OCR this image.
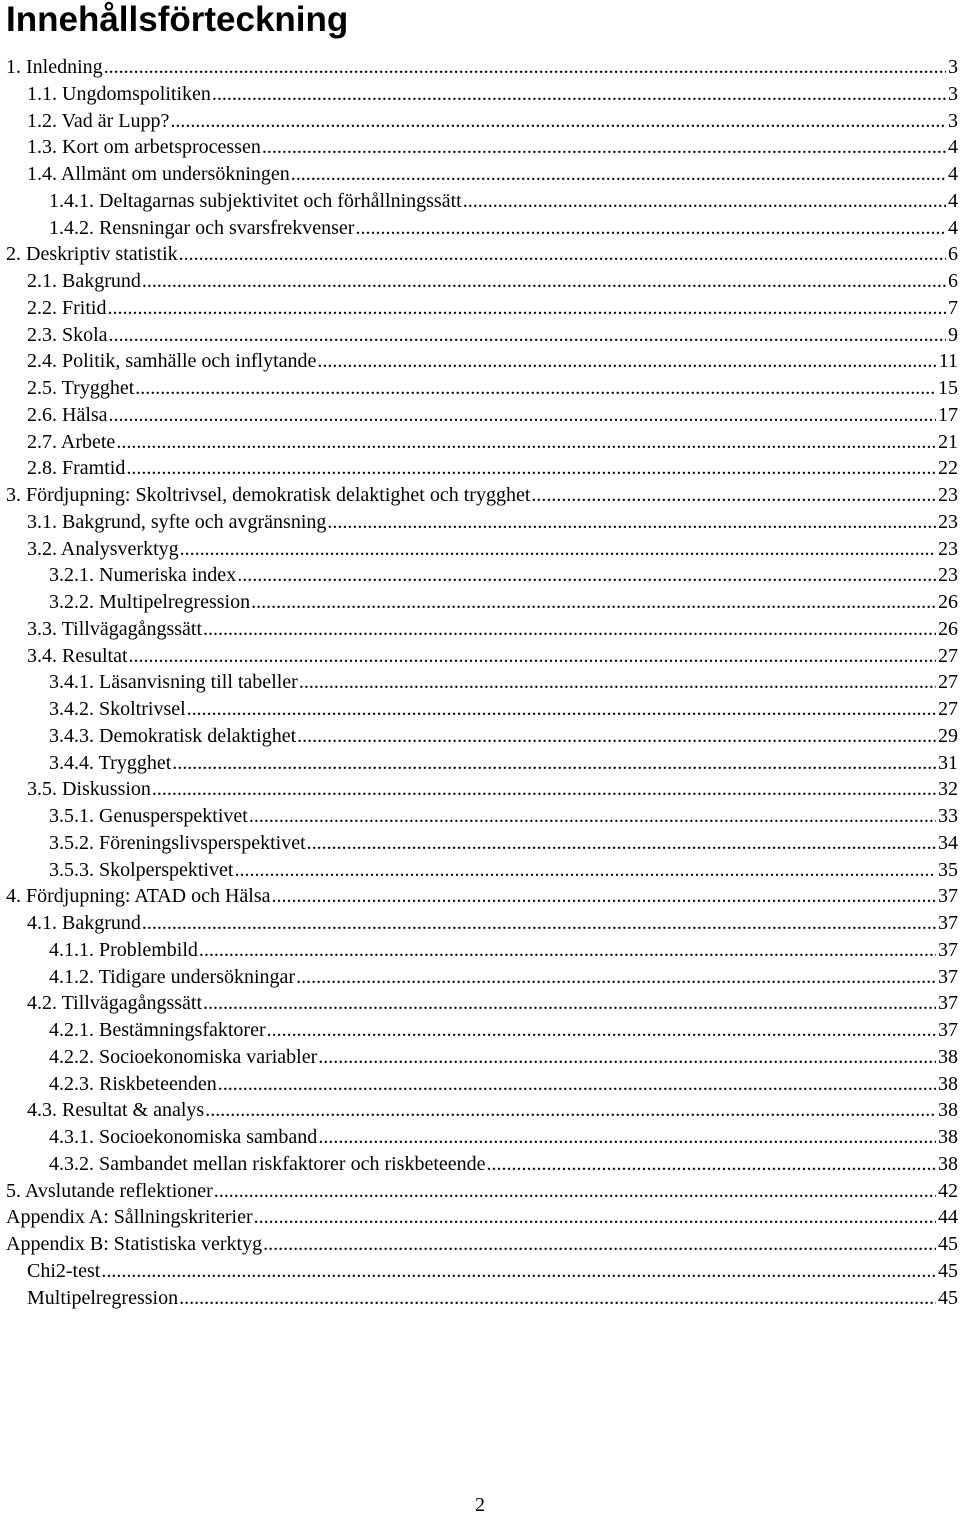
Innehållsförteckning
1. Inledning .....	3
1.1. Ungdomspolitiken .....	3
1.2. Vad är Lupp? .....	3
1.3. Kort om arbetsprocessen .....	4
1.4. Allmänt om undersökningen .....	4
1.4.1. Deltagarnas subjektivitet och förhållningssätt .....	4
1.4.2. Rensningar och svarsfrekvenser .....	4
2. Deskriptiv statistik .....	6
2.1. Bakgrund .....	6
2.2. Fritid .....	7
2.3. Skola .....	9
2.4. Politik, samhälle och inflytande .....	11
2.5. Trygghet .....	15
2.6. Hälsa .....	17
2.7. Arbete .....	21
2.8. Framtid .....	22
3. Fördjupning: Skoltrivsel, demokratisk delaktighet och trygghet .....	23
3.1. Bakgrund, syfte och avgränsning .....	23
3.2. Analysverktyg .....	23
3.2.1. Numeriska index .....	23
3.2.2. Multipelregression .....	26
3.3. Tillvägagångssätt .....	26
3.4. Resultat .....	27
3.4.1. Läsanvisning till tabeller .....	27
3.4.2. Skoltrivsel .....	27
3.4.3. Demokratisk delaktighet .....	29
3.4.4. Trygghet .....	31
3.5. Diskussion .....	32
3.5.1. Genusperspektivet .....	33
3.5.2. Föreningslivsperspektivet .....	34
3.5.3. Skolperspektivet .....	35
4. Fördjupning: ATAD och Hälsa .....	37
4.1. Bakgrund .....	37
4.1.1. Problembild .....	37
4.1.2. Tidigare undersökningar .....	37
4.2. Tillvägagångssätt .....	37
4.2.1. Bestämningsfaktorer .....	37
4.2.2. Socioekonomiska variabler .....	38
4.2.3. Riskbeteenden .....	38
4.3. Resultat & analys .....	38
4.3.1. Socioekonomiska samband .....	38
4.3.2. Sambandet mellan riskfaktorer och riskbeteende .....	38
5. Avslutande reflektioner .....	42
Appendix A: Sållningskriterier .....	44
Appendix B: Statistiska verktyg .....	45
Chi2-test .....	45
Multipelregression .....	45
2
